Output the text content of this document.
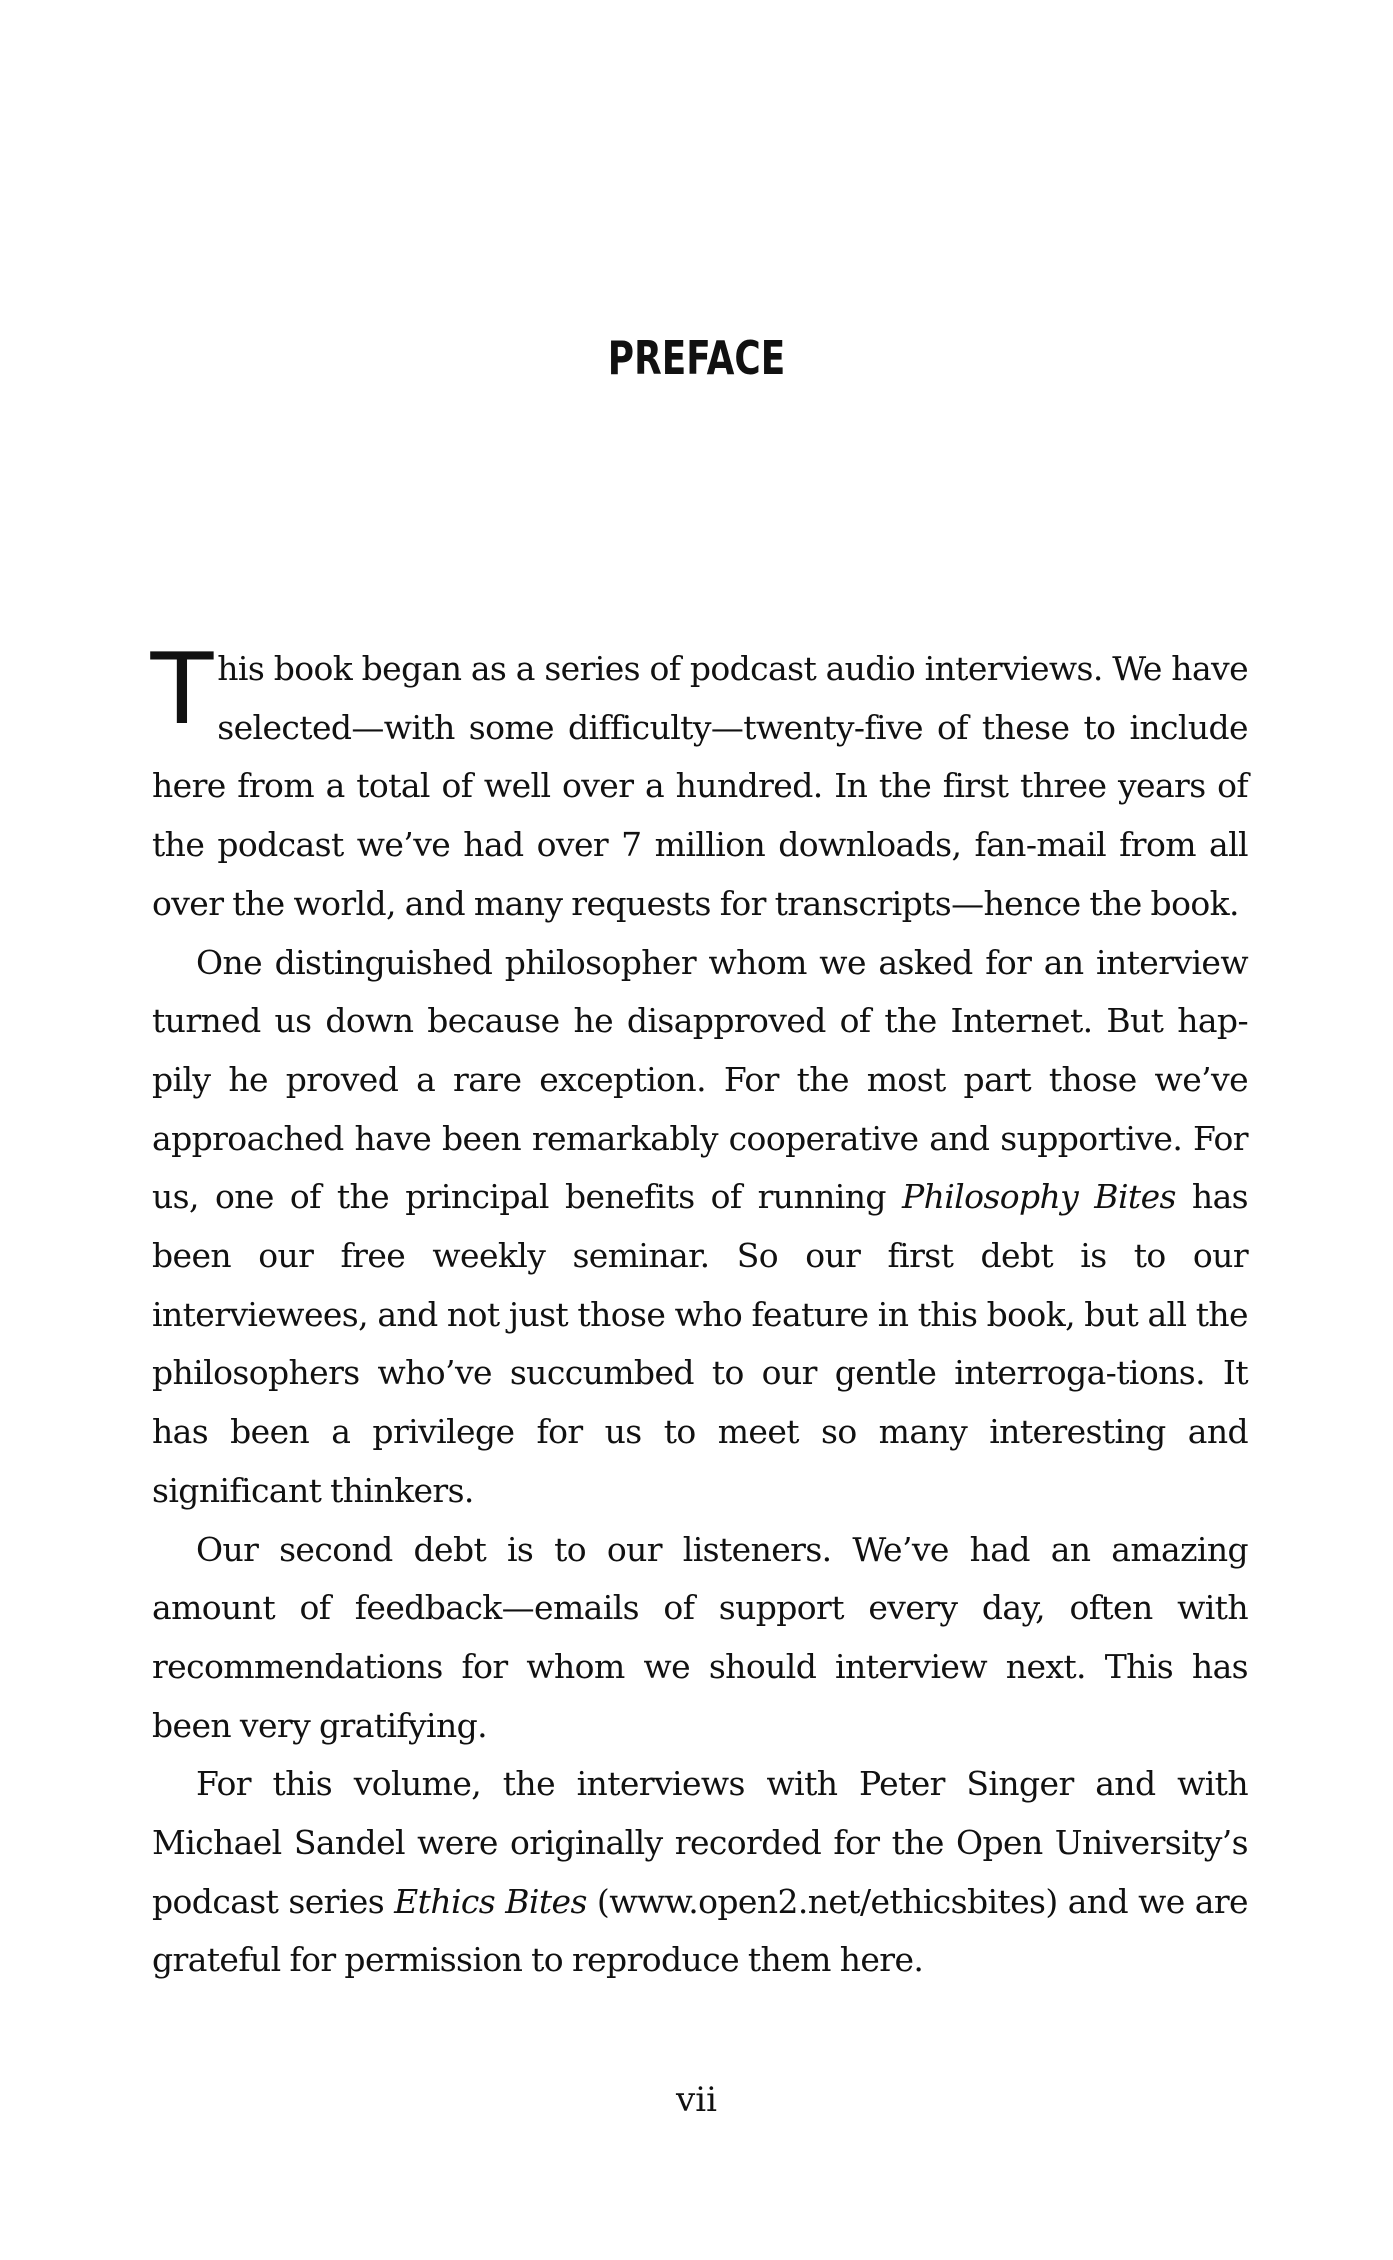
PREFACE

This book began as a series of podcast audio interviews. We have selected—with some difficulty—twenty-five of these to include here from a total of well over a hundred. In the first three years of the podcast we’ve had over 7 million downloads, fan-mail from all over the world, and many requests for transcripts—hence the book.

One distinguished philosopher whom we asked for an interview turned us down because he disapproved of the Internet. But hap-pily he proved a rare exception. For the most part those we’ve approached have been remarkably cooperative and supportive. For us, one of the principal benefits of running Philosophy Bites has been our free weekly seminar. So our first debt is to our interviewees, and not just those who feature in this book, but all the philosophers who’ve succumbed to our gentle interroga-tions. It has been a privilege for us to meet so many interesting and significant thinkers.

Our second debt is to our listeners. We’ve had an amazing amount of feedback—emails of support every day, often with recommendations for whom we should interview next. This has been very gratifying.

For this volume, the interviews with Peter Singer and with Michael Sandel were originally recorded for the Open University’s podcast series Ethics Bites (www.open2.net/ethicsbites) and we are grateful for permission to reproduce them here.

vii
